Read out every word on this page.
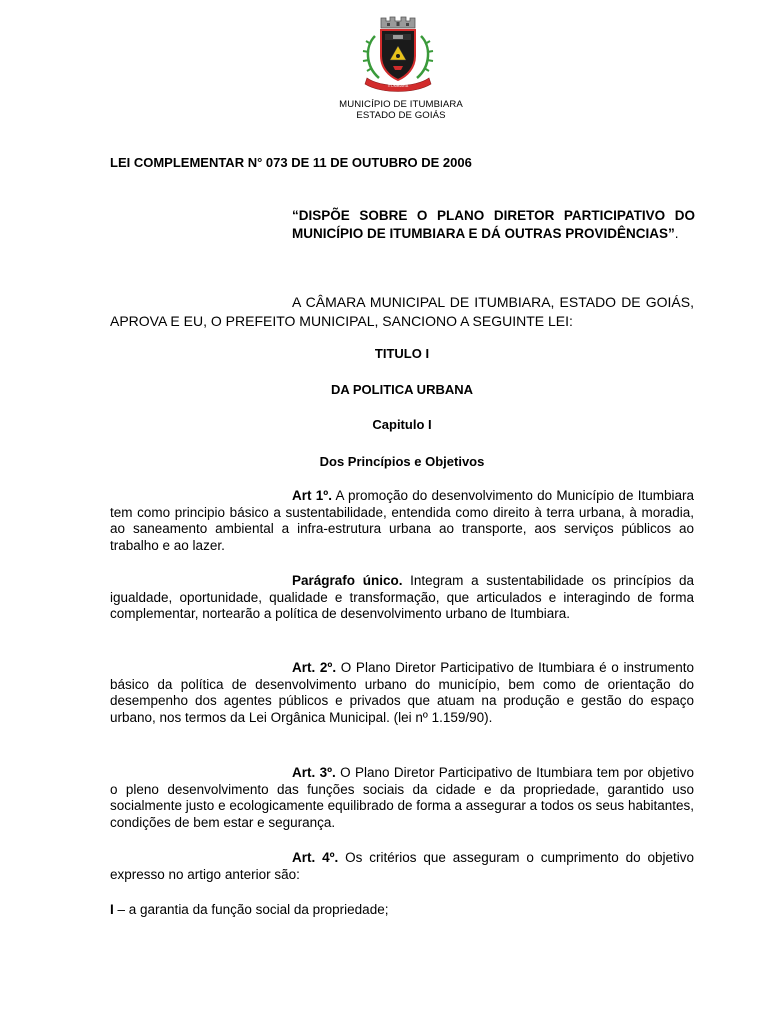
ITUMBIARA
MUNICÍPIO DE ITUMBIARA
ESTADO DE GOIÁS
LEI COMPLEMENTAR N° 073 DE 11 DE OUTUBRO DE 2006
“DISPÕE SOBRE O PLANO DIRETOR PARTICIPATIVO DO MUNICÍPIO DE ITUMBIARA E DÁ OUTRAS PROVIDÊNCIAS”.

A CÂMARA MUNICIPAL DE ITUMBIARA, ESTADO DE GOIÁS, APROVA E EU, O PREFEITO MUNICIPAL, SANCIONO A SEGUINTE LEI:

TITULO I
DA POLITICA URBANA
Capitulo I
Dos Princípios e Objetivos

Art 1º. A promoção do desenvolvimento do Município de Itumbiara tem como principio básico a sustentabilidade, entendida como direito à terra urbana, à moradia, ao saneamento ambiental a infra-estrutura urbana ao transporte, aos serviços públicos ao trabalho e ao lazer.

Parágrafo único. Integram a sustentabilidade os princípios da igualdade, oportunidade, qualidade e transformação, que articulados e interagindo de forma complementar, nortearão a política de desenvolvimento urbano de Itumbiara.

Art. 2º. O Plano Diretor Participativo de Itumbiara é o instrumento básico da política de desenvolvimento urbano do município, bem como de orientação do desempenho dos agentes públicos e privados que atuam na produção e gestão do espaço urbano, nos termos da Lei Orgânica Municipal. (lei nº 1.159/90).

Art. 3º. O Plano Diretor Participativo de Itumbiara tem por objetivo o pleno desenvolvimento das funções sociais da cidade e da propriedade, garantido uso socialmente justo e ecologicamente equilibrado de forma a assegurar a todos os seus habitantes, condições de bem estar e segurança.

Art. 4º. Os critérios que asseguram o cumprimento do objetivo expresso no artigo anterior são:

I – a garantia da função social da propriedade;
